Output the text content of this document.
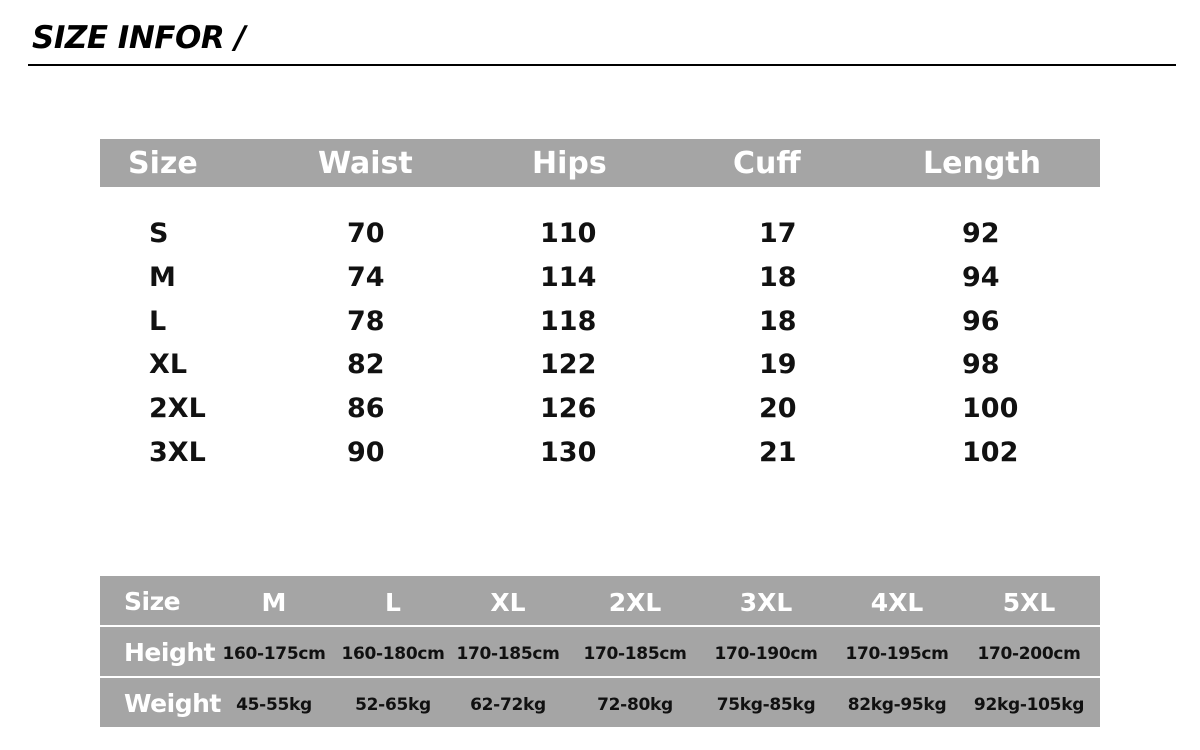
SIZE INFOR /
Size	Waist	Hips	Cuff	Length
S	70	110	17	92
M	74	114	18	94
L	78	118	18	96
XL	82	122	19	98
2XL	86	126	20	100
3XL	90	130	21	102
Size	M	L	XL	2XL	3XL	4XL	5XL
Height 160-175cm 160-180cm 170-185cm 170-185cm 170-190cm 170-195cm 170-200cm
Weight 45-55kg	52-65kg 62-72kg	72-80kg	75kg-85kg 82kg-95kg 92kg-105kg
